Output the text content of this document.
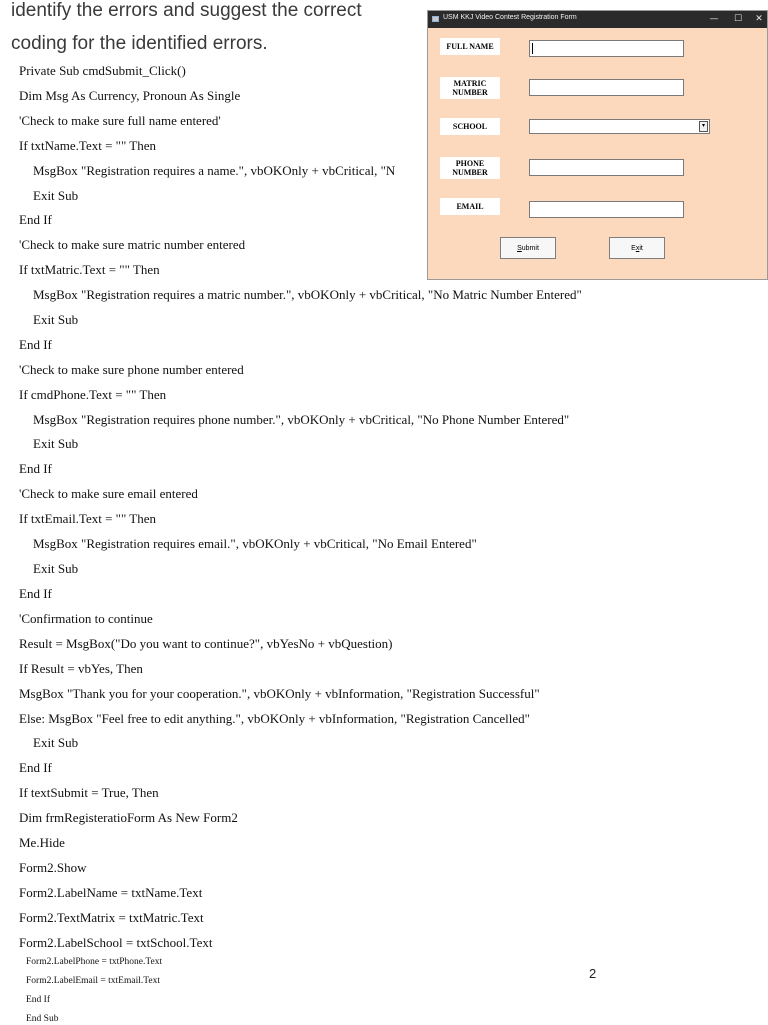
identify the errors and suggest the correct
coding for the identified errors.
Private Sub cmdSubmit_Click()
Dim Msg As Currency, Pronoun As Single
'Check to make sure full name entered'
If txtName.Text = "" Then
MsgBox "Registration requires a name.", vbOKOnly + vbCritical, "N
Exit Sub
End If
'Check to make sure matric number entered
If txtMatric.Text = "" Then
MsgBox "Registration requires a matric number.", vbOKOnly + vbCritical, "No Matric Number Entered"
Exit Sub
End If
'Check to make sure phone number entered
If cmdPhone.Text = "" Then
MsgBox "Registration requires phone number.", vbOKOnly + vbCritical, "No Phone Number Entered"
Exit Sub
End If
'Check to make sure email entered
If txtEmail.Text = "" Then
MsgBox "Registration requires email.", vbOKOnly + vbCritical, "No Email Entered"
Exit Sub
End If
'Confirmation to continue
Result = MsgBox("Do you want to continue?", vbYesNo + vbQuestion)
If Result = vbYes, Then
MsgBox "Thank you for your cooperation.", vbOKOnly + vbInformation, "Registration Successful"
Else: MsgBox "Feel free to edit anything.", vbOKOnly + vbInformation, "Registration Cancelled"
Exit Sub
End If
If textSubmit = True, Then
Dim frmRegisteratioForm As New Form2
Me.Hide
Form2.Show
Form2.LabelName = txtName.Text
Form2.TextMatrix = txtMatric.Text
Form2.LabelSchool = txtSchool.Text
Form2.LabelPhone = txtPhone.Text
Form2.LabelEmail = txtEmail.Text
End If
End Sub
2
USM KKJ Video Contest Registration Form	—	☐	✕
FULL NAME
MATRIC
NUMBER
SCHOOL	▾
PHONE
NUMBER
EMAIL
S ubmit	E x it
